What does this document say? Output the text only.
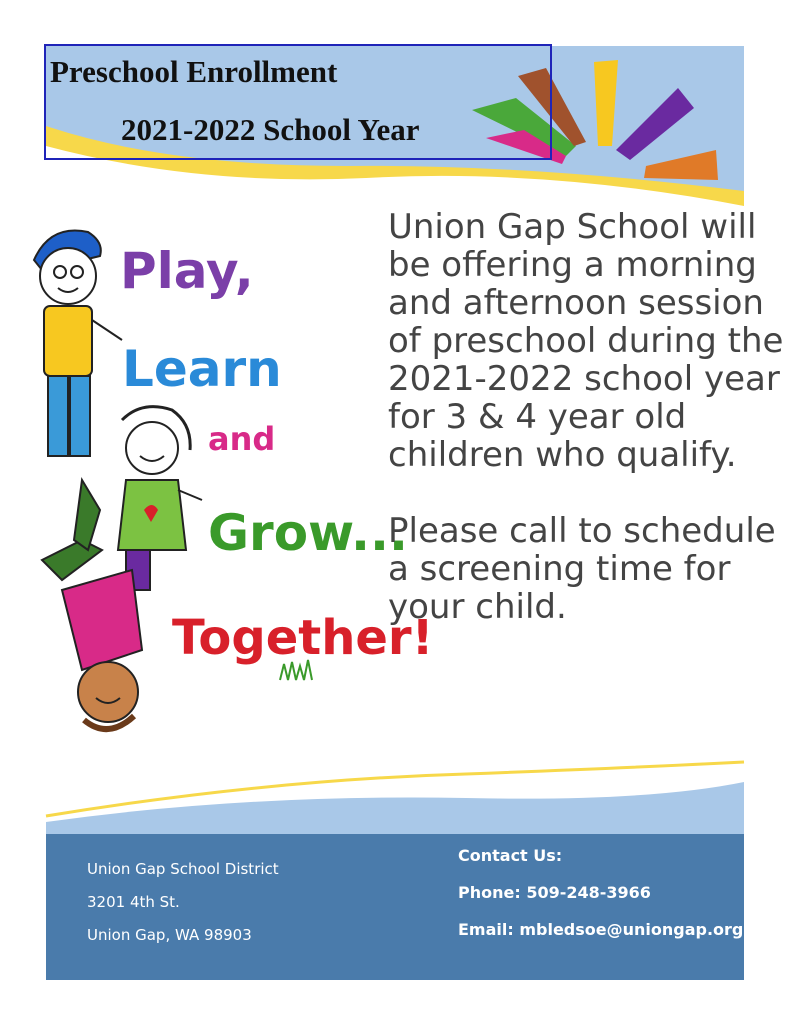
Preschool Enrollment
2021-2022 School Year
Play,
Learn
and
Grow...
Together!

Union Gap School will be offering a morning and afternoon session of preschool during the 2021-2022 school year for 3 & 4 year old children who qualify.

Please call to schedule a screening time for your child.

Union Gap School District
3201 4th St.
Union Gap, WA 98903
Contact Us:
Phone: 509-248-3966
Email: mbledsoe@uniongap.org
